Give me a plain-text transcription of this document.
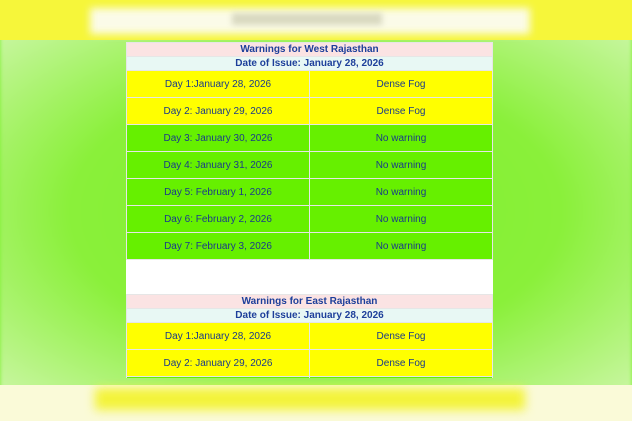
Warnings for West Rajasthan	
Date of Issue: January 28, 2026	
Day 1:January 28, 2026	Dense Fog
Day 2: January 29, 2026	Dense Fog
Day 3: January 30, 2026	No warning
Day 4: January 31, 2026	No warning
Day 5: February 1, 2026	No warning
Day 6: February 2, 2026	No warning
Day 7: February 3, 2026	No warning
Warnings for East Rajasthan	
Date of Issue: January 28, 2026	
Day 1:January 28, 2026	Dense Fog
Day 2: January 29, 2026	Dense Fog
